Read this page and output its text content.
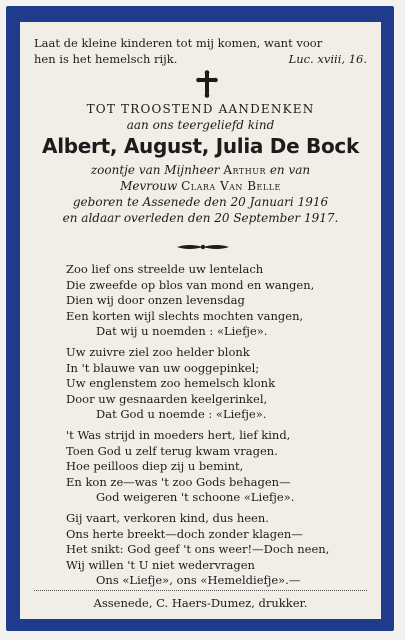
Laat de kleine kinderen tot mij komen, want voor
hen is het hemelsch rijk.	Luc. xviii, 16.
TOT TROOSTEND AANDENKEN
aan ons teergeliefd kind
Albert, August, Julia De Bock
zoontje van Mijnheer Arthur en van
Mevrouw Clara Van Belle
geboren te Assenede den 20 Januari 1916
en aldaar overleden den 20 September 1917.
Zoo lief ons streelde uw lentelach
Die zweefde op blos van mond en wangen,
Dien wij door onzen levensdag
Een korten wijl slechts mochten vangen,
Dat wij u noemden : «Liefje».
Uw zuivre ziel zoo helder blonk
In 't blauwe van uw ooggepinkel;
Uw englenstem zoo hemelsch klonk
Door uw gesnaarden keelgerinkel,
Dat God u noemde : «Liefje».
't Was strijd in moeders hert, lief kind,
Toen God u zelf terug kwam vragen.
Hoe peilloos diep zij u bemint,
En kon ze—was 't zoo Gods behagen—
God weigeren 't schoone «Liefje».
Gij vaart, verkoren kind, dus heen.
Ons herte breekt—doch zonder klagen—
Het snikt: God geef 't ons weer!—Doch neen,
Wij willen 't U niet wedervragen
Ons «Liefje», ons «Hemeldiefje».—
Assenede, C. Haers-Dumez, drukker.
